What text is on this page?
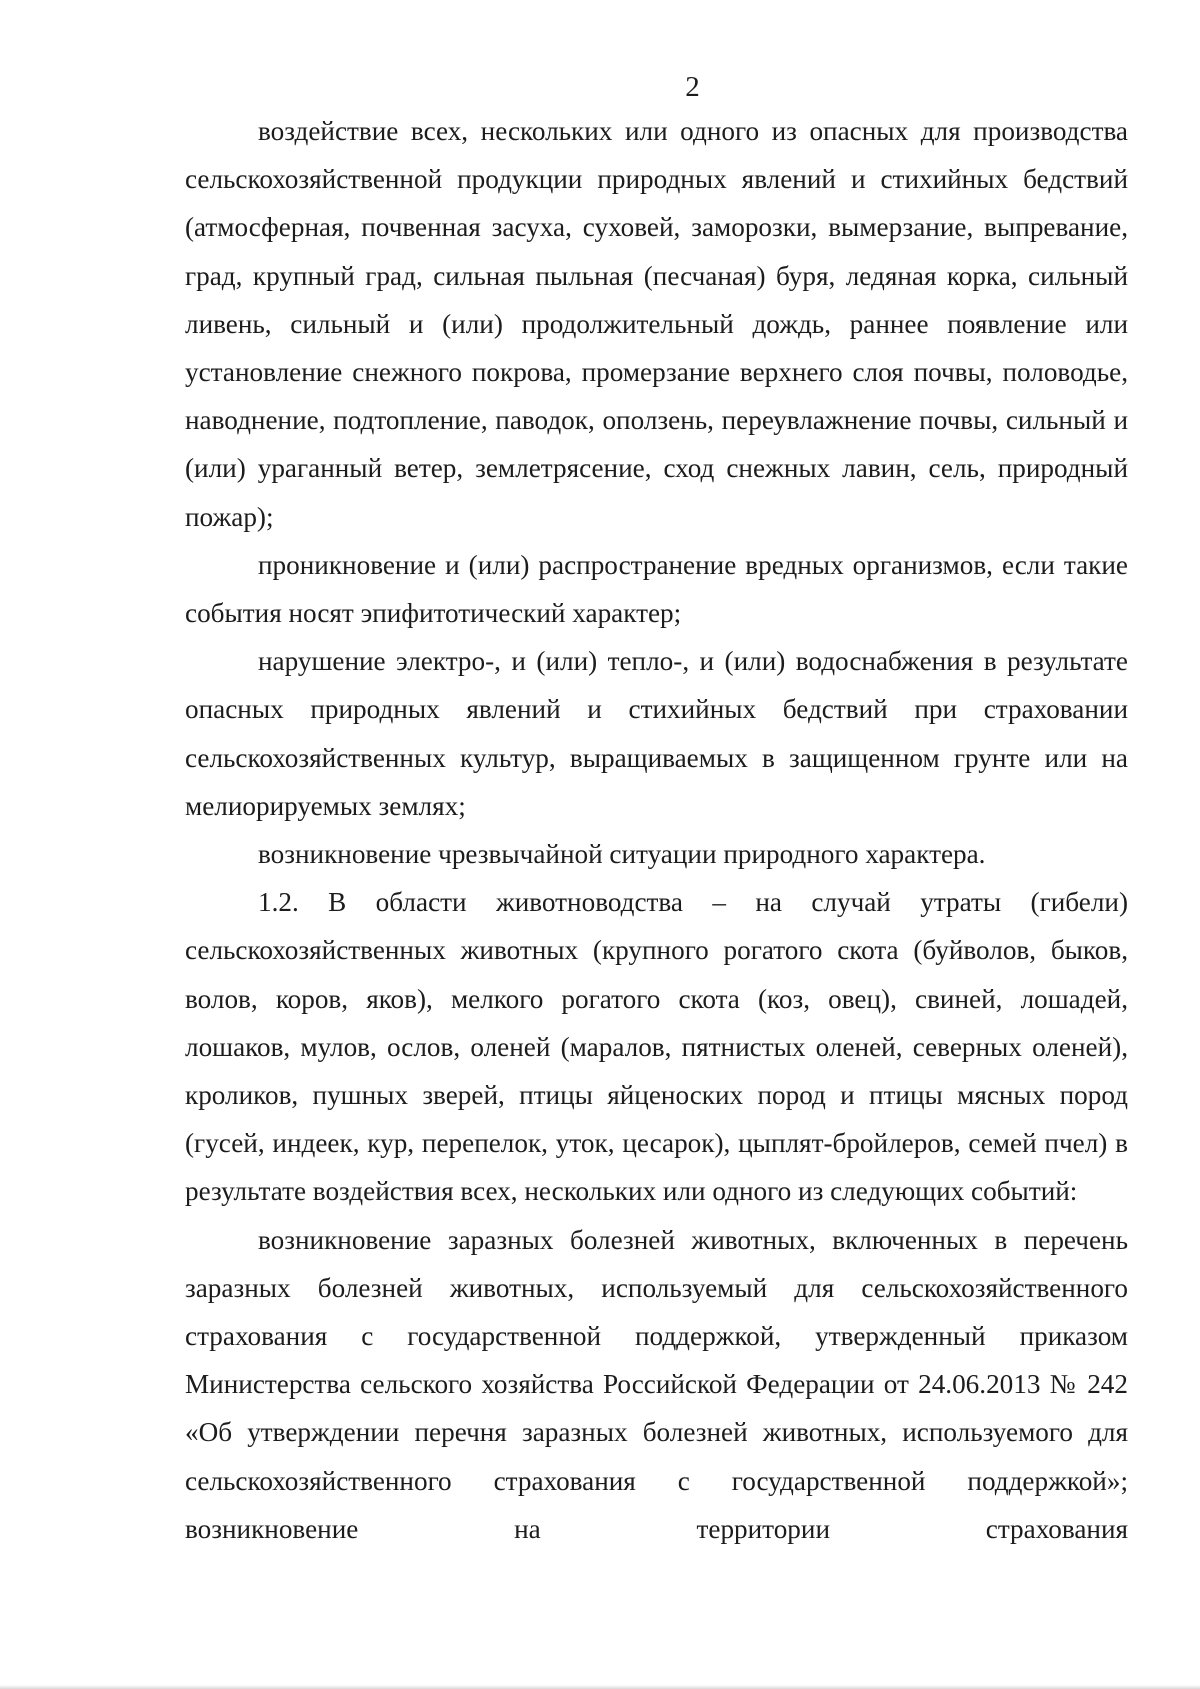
2

воздействие всех, нескольких или одного из опасных для производства сельскохозяйственной продукции природных явлений и стихийных бедствий (атмосферная, почвенная засуха, суховей, заморозки, вымерзание, выпревание, град, крупный град, сильная пыльная (песчаная) буря, ледяная корка, сильный ливень, сильный и (или) продолжительный дождь, раннее появление или установление снежного покрова, промерзание верхнего слоя почвы, половодье, наводнение, подтопление, паводок, оползень, переувлажнение почвы, сильный и (или) ураганный ветер, землетрясение, сход снежных лавин, сель, природный пожар);

проникновение и (или) распространение вредных организмов, если такие события носят эпифитотический характер;

нарушение электро-, и (или) тепло-, и (или) водоснабжения в результате опасных природных явлений и стихийных бедствий при страховании сельскохозяйственных культур, выращиваемых в защищенном грунте или на мелиорируемых землях;

возникновение чрезвычайной ситуации природного характера.

1.2. В области животноводства – на случай утраты (гибели) сельскохозяйственных животных (крупного рогатого скота (буйволов, быков, волов, коров, яков), мелкого рогатого скота (коз, овец), свиней, лошадей, лошаков, мулов, ослов, оленей (маралов, пятнистых оленей, северных оленей), кроликов, пушных зверей, птицы яйценоских пород и птицы мясных пород (гусей, индеек, кур, перепелок, уток, цесарок), цыплят-бройлеров, семей пчел) в результате воздействия всех, нескольких или одного из следующих событий:

возникновение заразных болезней животных, включенных в перечень заразных болезней животных, используемый для сельскохозяйственного страхования с государственной поддержкой, утвержденный приказом Министерства сельского хозяйства Российской Федерации от 24.06.2013 № 242 «Об утверждении перечня заразных болезней животных, используемого для сельскохозяйственного страхования с государственной поддержкой»; возникновение на территории страхования
